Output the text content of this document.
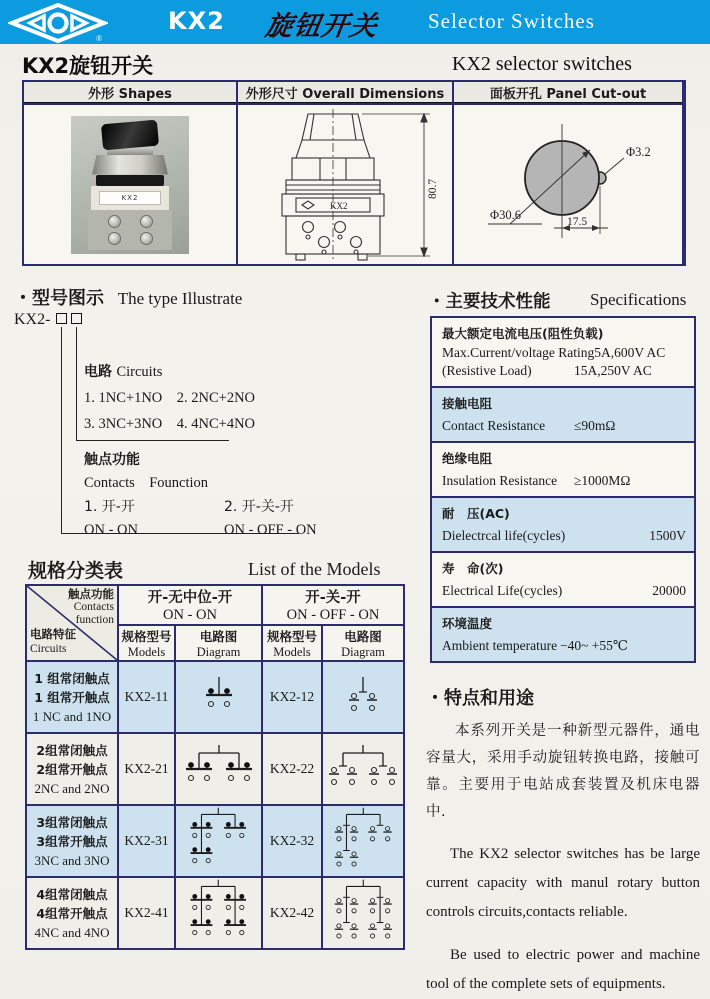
®
KX2 旋钮开关 Selector Switches
KX2旋钮开关	KX2 selector switches
外形 Shapes	外形尺寸 Overall Dimensions	面板开孔 Panel Cut-out
KX2
KX2
80.7
Φ30.6
Φ3.2
17.5
・型号图示 The type Illustrate
KX2-
电路 Circuits
1. 1NC+1NO    2. 2NC+2NO
3. 3NC+3NO    4. 4NC+4NO
触点功能
Contacts    Founction
1. 开-开	2. 开-关-开
ON - ON	ON - OFF - ON
・主要技术性能 Specifications
最大额定电流电压(阻性负载)
Max.Current/voltage Rating 5A,600V AC
(Resistive Load)	15A,250V AC
接触电阻
Contact Resistance ≤90mΩ
绝缘电阻
Insulation Resistance ≥1000MΩ
耐　压(AC)
Dielectrcal life(cycles)	1500V
寿　命(次)
Electrical Life(cycles)	20000
环境温度
Ambient temperature −40~ +55℃
规格分类表	List of the Models
触点功能
Contacts
function
电路特征
Circuits
开-无中位-开
ON - ON
开-关-开
ON - OFF - ON
规格型号
Models
电路图
Diagram
规格型号
Models
电路图
Diagram
1 组常闭触点
1 组常开触点
1 NC and 1NO
KX2-11	KX2-12
2组常闭触点
2组常开触点
2NC and 2NO
KX2-21	KX2-22
3组常闭触点
3组常开触点
3NC and 3NO
KX2-31	KX2-32
4组常闭触点
4组常开触点
4NC and 4NO
KX2-41	KX2-42
・特点和用途
本系列开关是一种新型元器件，通电容量大，采用手动旋钮转换电路，接触可靠。主要用于电站成套装置及机床电器中.
The KX2 selector switches has be large current capacity with manul rotary button controls circuits,contacts reliable.
Be used to electric power and machine tool of the complete sets of equipments.
